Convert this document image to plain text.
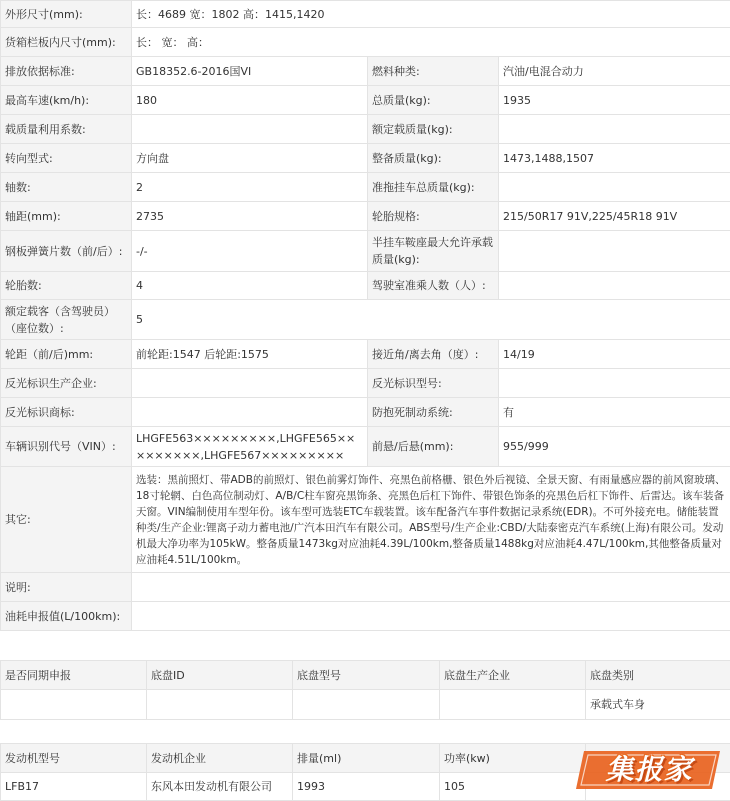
外形尺寸(mm):	长：4689 宽：1802 高：1415,1420		
货箱栏板内尺寸(mm):	长： 宽： 高：		
排放依据标准:	GB18352.6-2016国VI	燃料种类:	汽油/电混合动力
最高车速(km/h):	180	总质量(kg):	1935
载质量利用系数:		额定载质量(kg):	
转向型式:	方向盘	整备质量(kg):	1473,1488,1507
轴数:	2	准拖挂车总质量(kg):	
轴距(mm):	2735	轮胎规格:	215/50R17 91V,225/45R18 91V
钢板弹簧片数（前/后）:	-/-	半挂车鞍座最大允许承载质量(kg):	
轮胎数:	4	驾驶室准乘人数（人）:	
额定载客（含驾驶员）（座位数）:	5		
轮距（前/后)mm:	前轮距:1547 后轮距:1575	接近角/离去角（度）:	14/19
反光标识生产企业:		反光标识型号:	
反光标识商标:		防抱死制动系统:	有
车辆识别代号（VIN）:	LHGFE563×××××××××,LHGFE565×××××××××,LHGFE567×××××××××	前悬/后悬(mm):	955/999
其它:	选装：黑前照灯、带ADB的前照灯、银色前雾灯饰件、亮黑色前格栅、银色外后视镜、全景天窗、有雨量感应器的前风窗玻璃、18寸轮辋、白色高位制动灯、A/B/C柱车窗亮黑饰条、亮黑色后杠下饰件、带银色饰条的亮黑色后杠下饰件、后雷达。该车装备天窗。VIN编制使用车型年份。该车型可选装ETC车载装置。该车配备汽车事件数据记录系统(EDR)。不可外接充电。储能装置种类/生产企业:锂离子动力蓄电池/广汽本田汽车有限公司。ABS型号/生产企业:CBD/大陆泰密克汽车系统(上海)有限公司。发动机最大净功率为105kW。整备质量1473kg对应油耗4.39L/100km,整备质量1488kg对应油耗4.47L/100km,其他整备质量对应油耗4.51L/100km。		
说明:			
油耗申报值(L/100km):			
是否同期申报	底盘ID	底盘型号	底盘生产企业	底盘类别
				承载式车身
发动机型号	发动机企业	排量(ml)	功率(kw)	
LFB17	东风本田发动机有限公司	1993	105	
集报家
